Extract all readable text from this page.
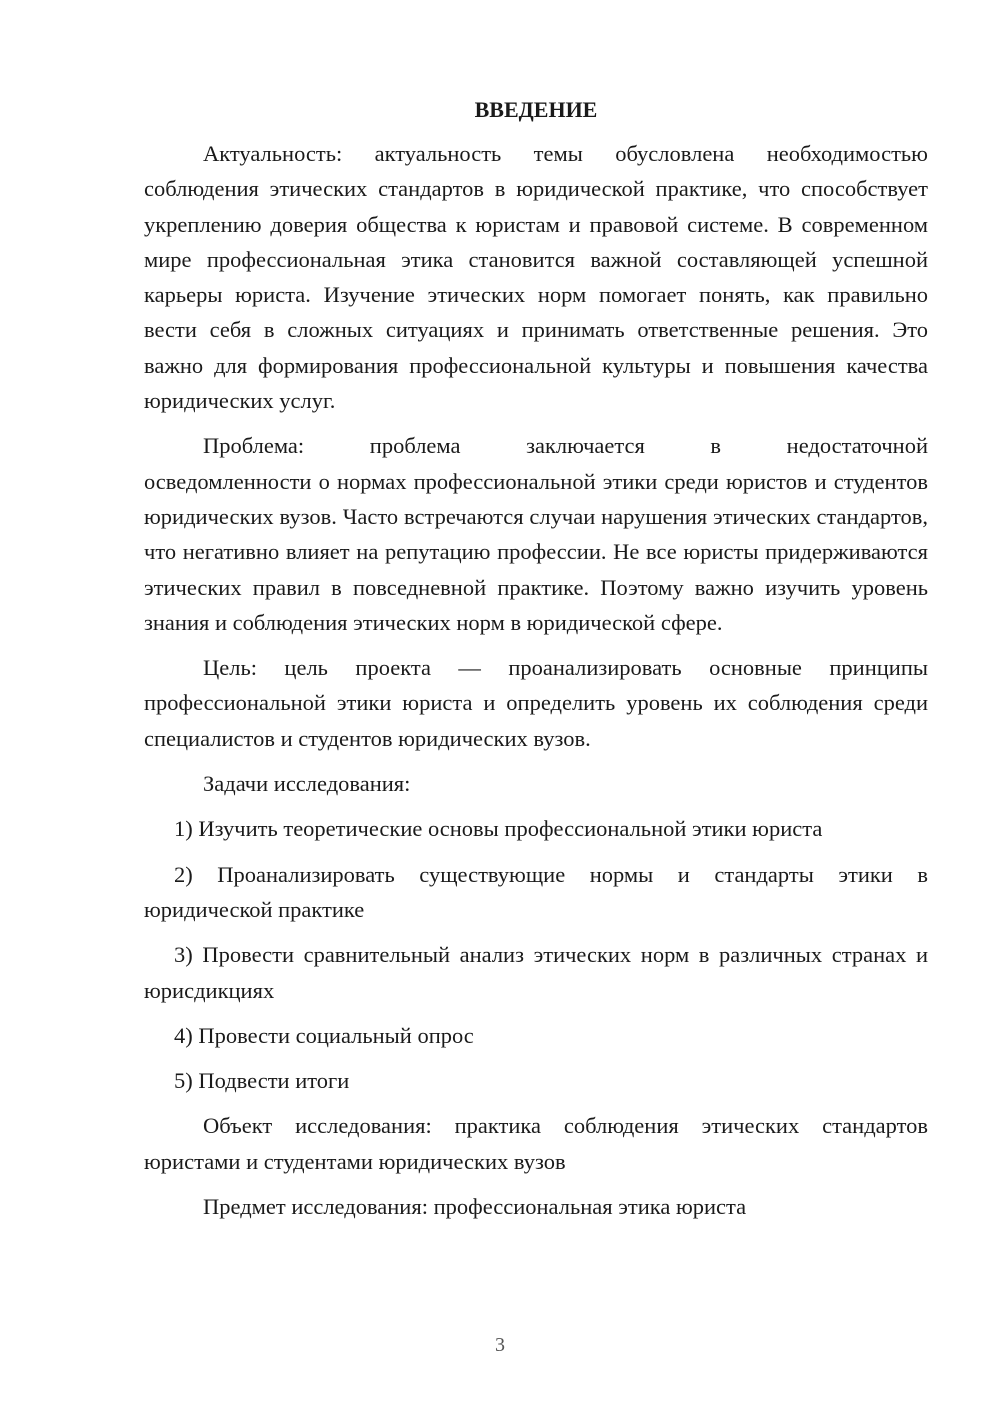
ВВЕДЕНИЕ

Актуальность: актуальность темы обусловлена необходимостью соблюдения этических стандартов в юридической практике, что способствует укреплению доверия общества к юристам и правовой системе. В современном мире профессиональная этика становится важной составляющей успешной карьеры юриста. Изучение этических норм помогает понять, как правильно вести себя в сложных ситуациях и принимать ответственные решения. Это важно для формирования профессиональной культуры и повышения качества юридических услуг.

Проблема: проблема заключается в недостаточной
осведомленности о нормах профессиональной этики среди юристов и студентов юридических вузов. Часто встречаются случаи нарушения этических стандартов, что негативно влияет на репутацию профессии. Не все юристы придерживаются этических правил в повседневной практике. Поэтому важно изучить уровень знания и соблюдения этических норм в юридической сфере.

Цель: цель проекта — проанализировать основные принципы профессиональной этики юриста и определить уровень их соблюдения среди специалистов и студентов юридических вузов.

Задачи исследования:

1) Изучить теоретические основы профессиональной этики юриста

2) Проанализировать существующие нормы и стандарты этики в юридической практике

3) Провести сравнительный анализ этических норм в различных странах и юрисдикциях

4) Провести социальный опрос

5) Подвести итоги

Объект исследования: практика соблюдения этических стандартов юристами и студентами юридических вузов

Предмет исследования: профессиональная этика юриста

3
